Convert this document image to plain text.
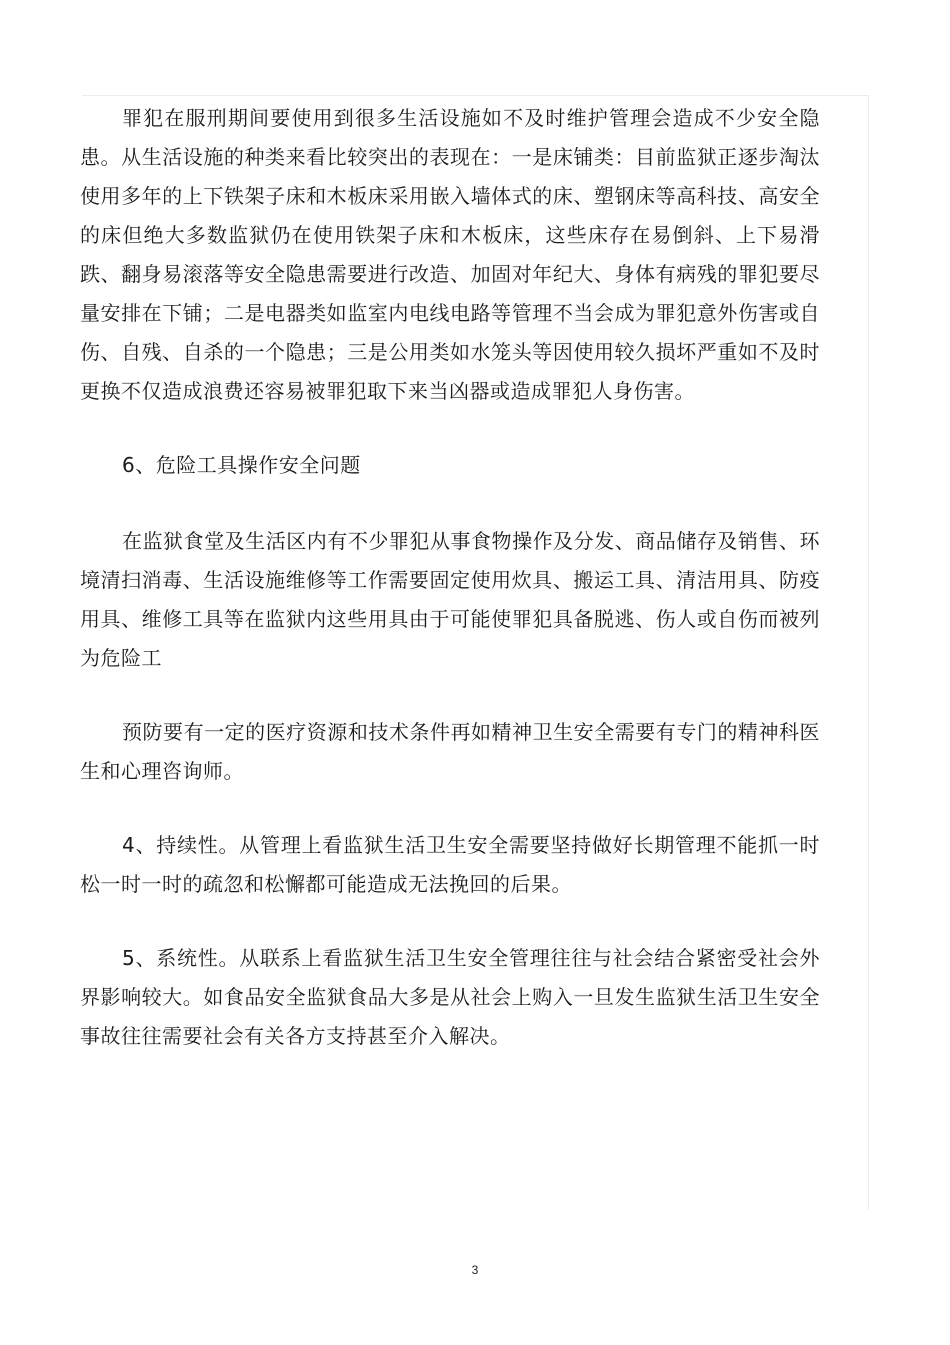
罪犯在服刑期间要使用到很多生活设施如不及时维护管理会造成不少安全隐患。从生活设施的种类来看比较突出的表现在：一是床铺类：目前监狱正逐步淘汰使用多年的上下铁架子床和木板床采用嵌入墙体式的床、塑钢床等高科技、高安全的床但绝大多数监狱仍在使用铁架子床和木板床，这些床存在易倒斜、上下易滑跌、翻身易滚落等安全隐患需要进行改造、加固对年纪大、身体有病残的罪犯要尽量安排在下铺；二是电器类如监室内电线电路等管理不当会成为罪犯意外伤害或自伤、自残、自杀的一个隐患；三是公用类如水笼头等因使用较久损坏严重如不及时更换不仅造成浪费还容易被罪犯取下来当凶器或造成罪犯人身伤害。

6、危险工具操作安全问题

在监狱食堂及生活区内有不少罪犯从事食物操作及分发、商品储存及销售、环境清扫消毒、生活设施维修等工作需要固定使用炊具、搬运工具、清洁用具、防疫用具、维修工具等在监狱内这些用具由于可能使罪犯具备脱逃、伤人或自伤而被列为危险工

预防要有一定的医疗资源和技术条件再如精神卫生安全需要有专门的精神科医生和心理咨询师。

4、持续性。从管理上看监狱生活卫生安全需要坚持做好长期管理不能抓一时松一时一时的疏忽和松懈都可能造成无法挽回的后果。

5、系统性。从联系上看监狱生活卫生安全管理往往与社会结合紧密受社会外界影响较大。如食品安全监狱食品大多是从社会上购入一旦发生监狱生活卫生安全事故往往需要社会有关各方支持甚至介入解决。

3
